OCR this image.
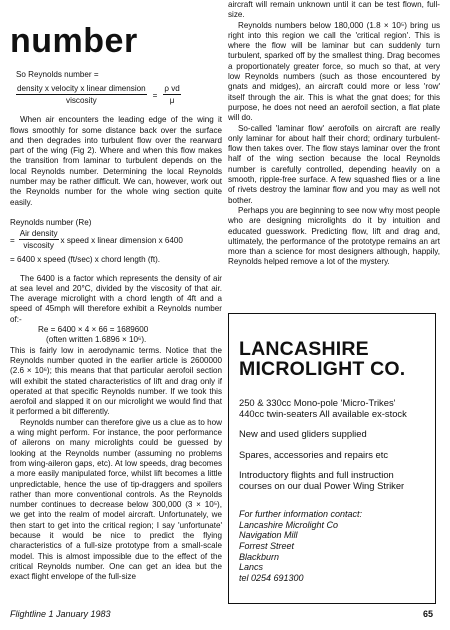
number
So Reynolds number =
$\frac{\text{density x velocity x linear dimension}}{\text{viscosity}} = \frac{\text{ρ vd}}{\mu}$

When air encounters the leading edge of the wing it flows smoothly for some distance back over the surface and then degrades into turbulent flow over the rearward part of the wing (Fig 2). Where and when this flow makes the transition from laminar to turbulent depends on the local Reynolds number. Determining the local Reynolds number may be rather difficult. We can, however, work out the Reynolds number for the whole wing section quite easily.

Reynolds number (Re)
= $\frac{\text{Air density}}{\text{viscosity}}$ x speed x linear dimension x 6400
= 6400 x speed (ft/sec) x chord length (ft).

The 6400 is a factor which represents the density of air at sea level and 20°C, divided by the viscosity of that air. The average microlight with a chord length of 4ft and a speed of 45mph will therefore exhibit a Reynolds number of:-

Re = 6400 × 4 × 66 = 1689600
(often written 1.6896 × 10⁶).

This is fairly low in aerodynamic terms. Notice that the Reynolds number quoted in the earlier article is 2600000 (2.6 × 10⁶); this means that that particular aerofoil section will exhibit the stated characteristics of lift and drag only if operated at that specific Reynolds number. If we took this aerofoil and slapped it on our microlight we would find that it performed a bit differently.

Reynolds number can therefore give us a clue as to how a wing might perform. For instance, the poor performance of ailerons on many microlights could be guessed by looking at the Reynolds number (assuming no problems from wing-aileron gaps, etc). At low speeds, drag becomes a more easily manipulated force, whilst lift becomes a little unpredictable, hence the use of tip-draggers and spoilers rather than more conventional controls. As the Reynolds number continues to decrease below 300,000 (3 × 10⁵), we get into the realm of model aircraft. Unfortunately, we then start to get into the critical region; I say 'unfortunate' because it would be nice to predict the flying characteristics of a full-size prototype from a small-scale model. This is almost impossible due to the effect of the critical Reynolds number. One can get an idea but the exact flight envelope of the full-size

aircraft will remain unknown until it can be test flown, full-size.

Reynolds numbers below 180,000 (1.8 × 10⁵) bring us right into this region we call the 'critical region'. This is where the flow will be laminar but can suddenly turn turbulent, sparked off by the smallest thing. Drag becomes a proportionately greater force, so much so that, at very low Reynolds numbers (such as those encountered by gnats and midges), an aircraft could more or less 'row' itself through the air. This is what the gnat does; for this purpose, he does not need an aerofoil section, a flat plate will do.

So-called 'laminar flow' aerofoils on aircraft are really only laminar for about half their chord; ordinary turbulent-flow then takes over. The flow stays laminar over the front half of the wing section because the local Reynolds number is carefully controlled, depending heavily on a smooth, ripple-free surface. A few squashed flies or a line of rivets destroy the laminar flow and you may as well not bother.

Perhaps you are beginning to see now why most people who are designing microlights do it by intuition and educated guesswork. Predicting flow, lift and drag and, ultimately, the performance of the prototype remains an art more than a science for most designers although, happily, Reynolds helped remove a lot of the mystery.

LANCASHIRE
MICROLIGHT CO.
250 & 330cc Mono-pole 'Micro-Trikes'
440cc twin-seaters All available ex-stock
New and used gliders supplied
Spares, accessories and repairs etc
Introductory flights and full instruction courses on our dual Power Wing Striker
For further information contact:
Lancashire Microlight Co
Navigation Mill
Forrest Street
Blackburn
Lancs
tel 0254 691300
Flightline 1 January 1983	65
